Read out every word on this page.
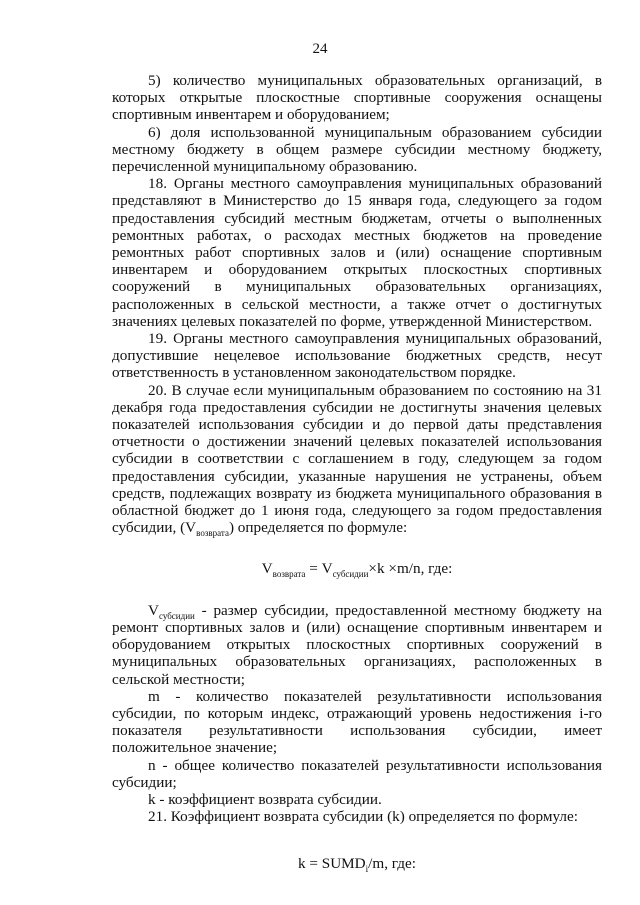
24

5) количество муниципальных образовательных организаций, в которых открытые плоскостные спортивные сооружения оснащены спортивным инвентарем и оборудованием;

6) доля использованной муниципальным образованием субсидии местному бюджету в общем размере субсидии местному бюджету, перечисленной муниципальному образованию.

18. Органы местного самоуправления муниципальных образований представляют в Министерство до 15 января года, следующего за годом предоставления субсидий местным бюджетам, отчеты о выполненных ремонтных работах, о расходах местных бюджетов на проведение ремонтных работ спортивных залов и (или) оснащение спортивным инвентарем и оборудованием открытых плоскостных спортивных сооружений в муниципальных образовательных организациях, расположенных в сельской местности, а также отчет о достигнутых значениях целевых показателей по форме, утвержденной Министерством.

19. Органы местного самоуправления муниципальных образований, допустившие нецелевое использование бюджетных средств, несут ответственность в установленном законодательством порядке.

20. В случае если муниципальным образованием по состоянию на 31 декабря года предоставления субсидии не достигнуты значения целевых показателей использования субсидии и до первой даты представления отчетности о достижении значений целевых показателей использования субсидии в соответствии с соглашением в году, следующем за годом предоставления субсидии, указанные нарушения не устранены, объем средств, подлежащих возврату из бюджета муниципального образования в областной бюджет до 1 июня года, следующего за годом предоставления субсидии, $(V_{возврата})$ определяется по формуле:

$V_{возврата} = V_{субсидии}\times k \times m/n$, где:

$V_{субсидии}$ - размер субсидии, предоставленной местному бюджету на ремонт спортивных залов и (или) оснащение спортивным инвентарем и оборудованием открытых плоскостных спортивных сооружений в муниципальных образовательных организациях, расположенных в сельской местности;

m - количество показателей результативности использования субсидии, по которым индекс, отражающий уровень недостижения i-го показателя результативности использования субсидии, имеет положительное значение;

n - общее количество показателей результативности использования субсидии;

k - коэффициент возврата субсидии.

21. Коэффициент возврата субсидии (k) определяется по формуле:

$k = SUMD_i/m$, где:
